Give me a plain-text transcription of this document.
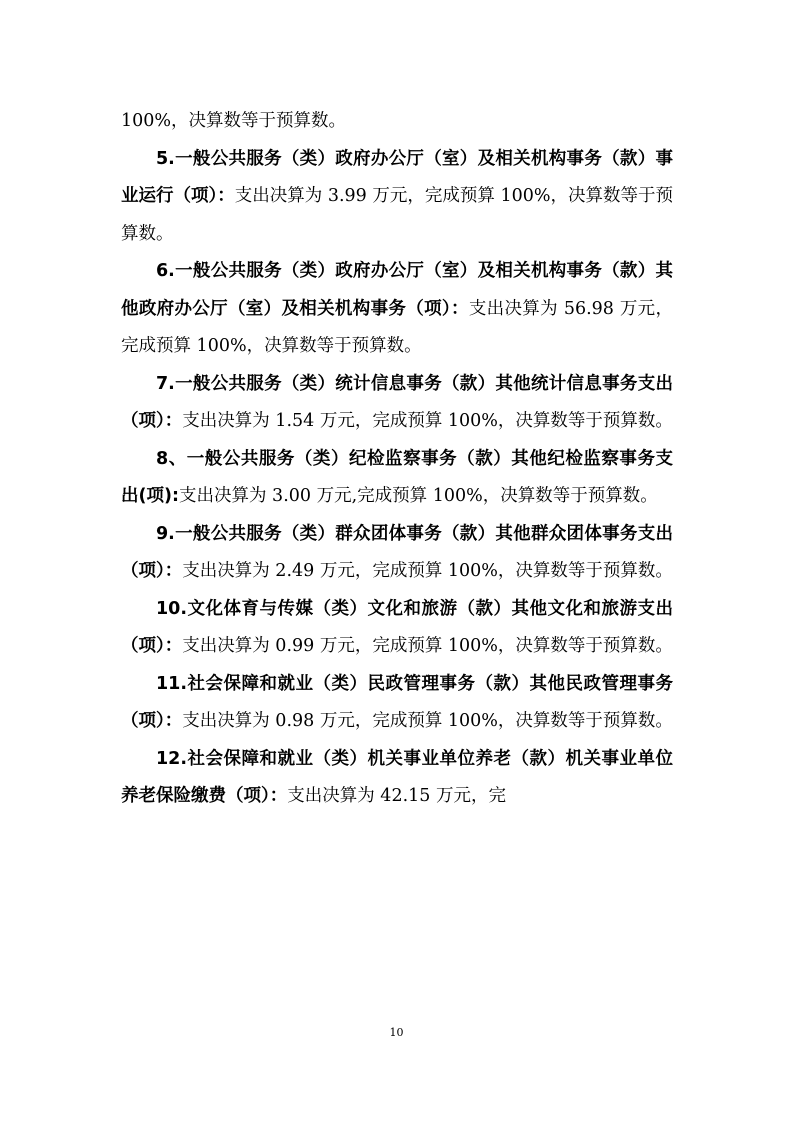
100%，决算数等于预算数。

5.一般公共服务（类）政府办公厅（室）及相关机构事务（款）事业运行（项）：支出决算为 3.99 万元，完成预算 100%，决算数等于预算数。

6.一般公共服务（类）政府办公厅（室）及相关机构事务（款）其他政府办公厅（室）及相关机构事务（项）：支出决算为 56.98 万元，完成预算 100%，决算数等于预算数。

7.一般公共服务（类）统计信息事务（款）其他统计信息事务支出（项）：支出决算为 1.54 万元，完成预算 100%，决算数等于预算数。

8、一般公共服务（类）纪检监察事务（款）其他纪检监察事务支出(项):支出决算为 3.00 万元,完成预算 100%，决算数等于预算数。

9.一般公共服务（类）群众团体事务（款）其他群众团体事务支出（项）：支出决算为 2.49 万元，完成预算 100%，决算数等于预算数。

10.文化体育与传媒（类）文化和旅游（款）其他文化和旅游支出（项）：支出决算为 0.99 万元，完成预算 100%，决算数等于预算数。

11.社会保障和就业（类）民政管理事务（款）其他民政管理事务（项）：支出决算为 0.98 万元，完成预算 100%，决算数等于预算数。

12.社会保障和就业（类）机关事业单位养老（款）机关事业单位养老保险缴费（项）：支出决算为 42.15 万元，完

10
